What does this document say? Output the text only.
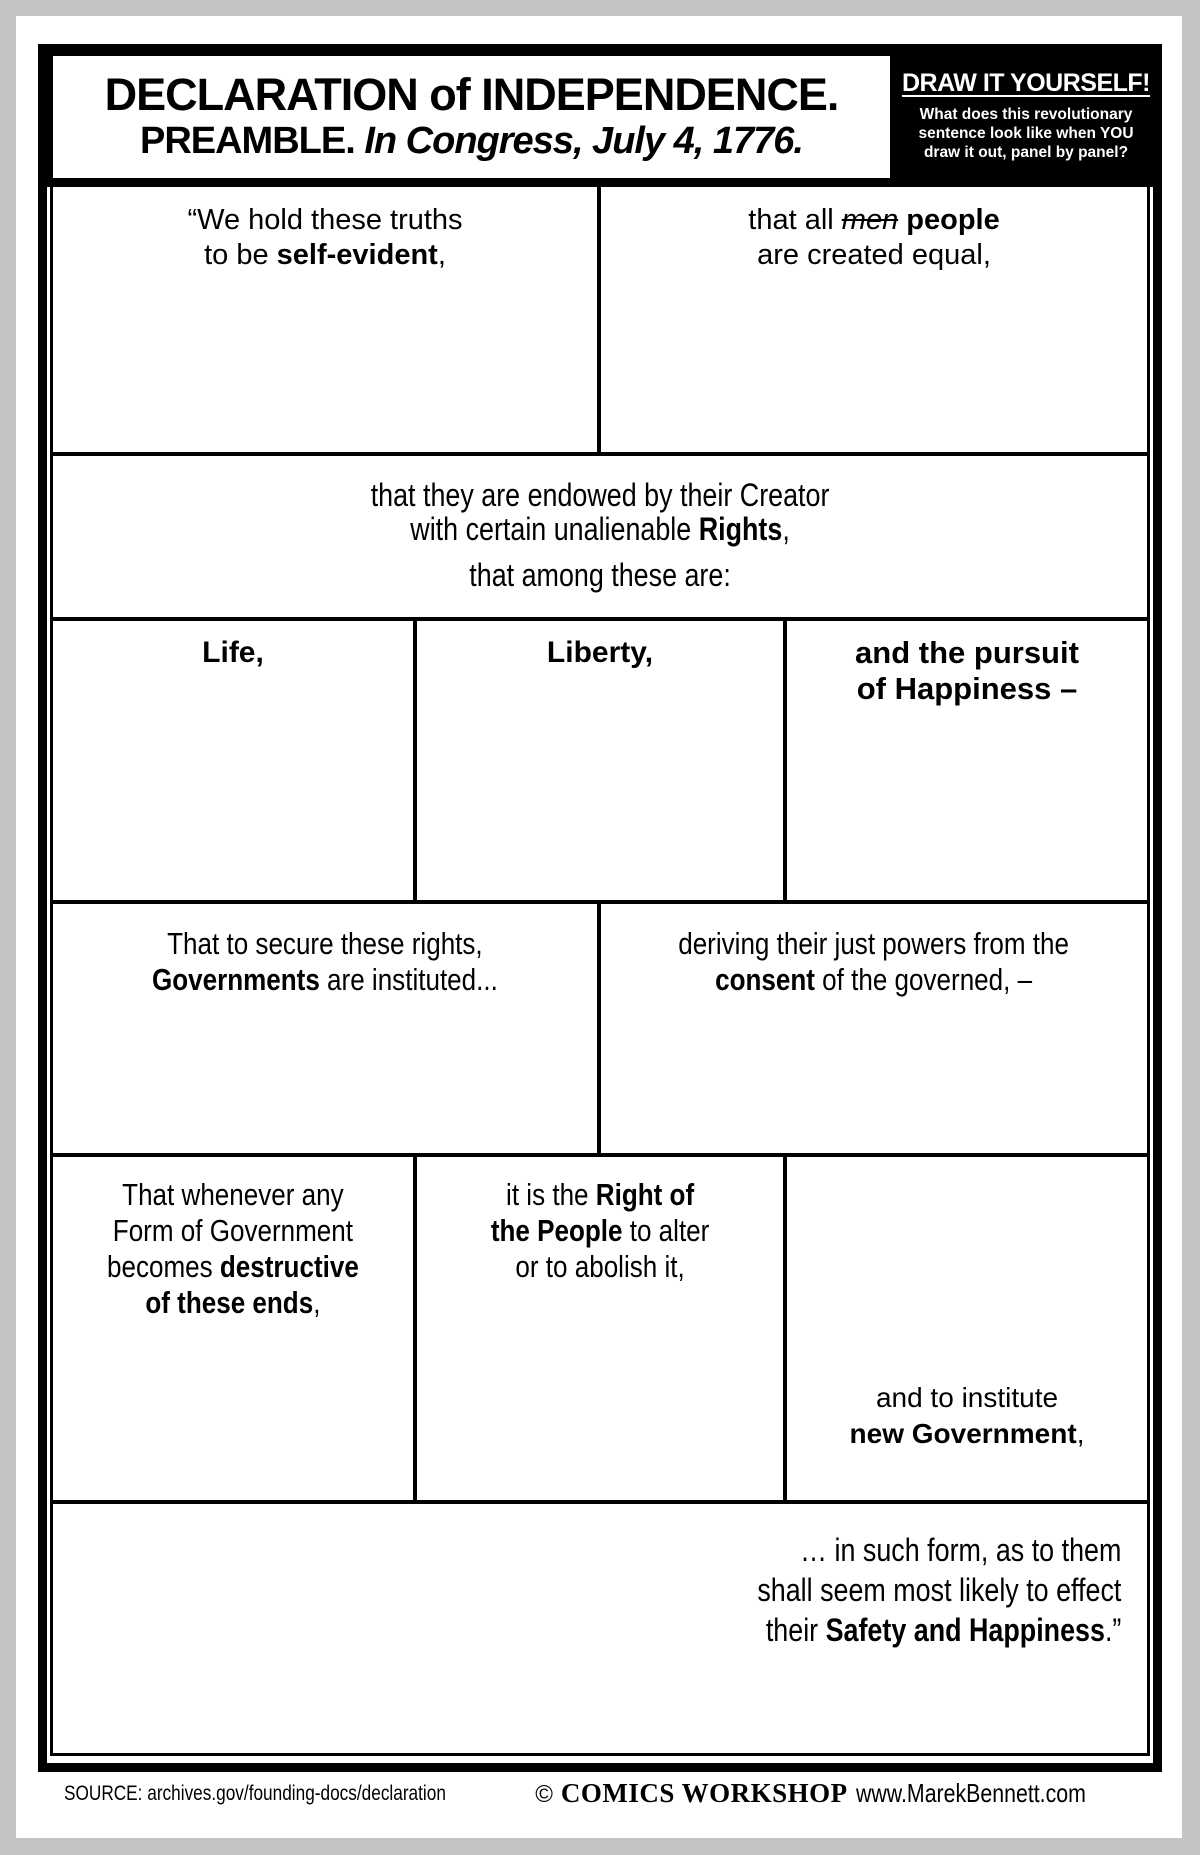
“We hold these truths
to be self-evident,
that all men people
are created equal,
that they are endowed by their Creator
with certain unalienable Rights,
that among these are:
Life,	Liberty,	and the pursuit
of Happiness –
That to secure these rights,
Governments are instituted...
deriving their just powers from the
consent of the governed, –
That whenever any
Form of Government
becomes destructive
of these ends,
it is the Right of
the People to alter
or to abolish it,
and to institute
new Government,
… in such form, as to them
shall seem most likely to effect
their Safety and Happiness.”
DECLARATION of INDEPENDENCE.
PREAMBLE. In Congress, July 4, 1776.
DRAW IT YOURSELF!
What does this revolutionary
sentence look like when YOU
draw it out, panel by panel?
SOURCE: archives.gov/founding-docs/declaration	© COMICS WORKSHOP www.MarekBennett.com
